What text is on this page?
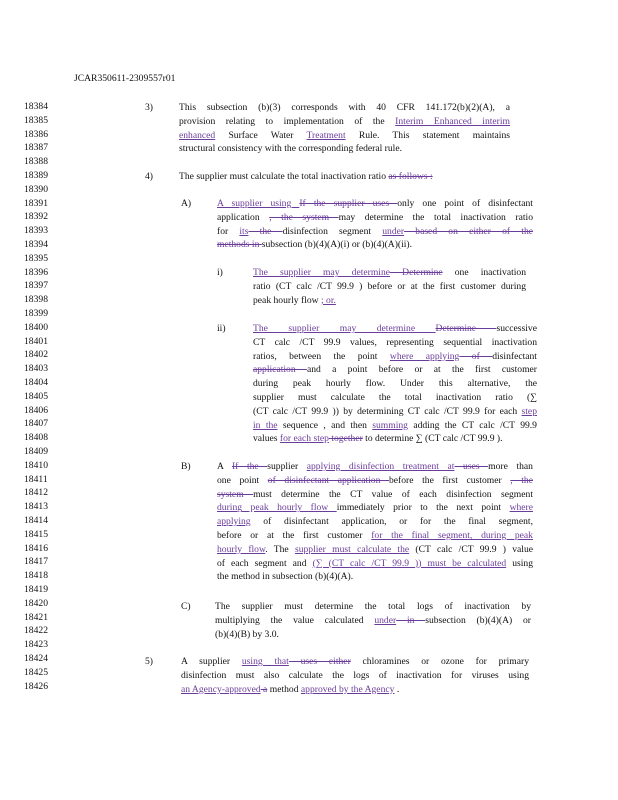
JCAR350611-2309557r01
18384
18385
18386
18387
18388
18389
18390
18391
18392
18393
18394
18395
18396
18397
18398
18399
18400
18401
18402
18403
18404
18405
18406
18407
18408
18409
18410
18411
18412
18413
18414
18415
18416
18417
18418
18419
18420
18421
18422
18423
18424
18425
18426
3)
4)
A)
i)
ii)
B)
C)
5)
This subsection (b)(3) corresponds with 40 CFR 141.172(b)(2)(A), a
provision relating to implementation of the Interim Enhanced interim
enhanced Surface Water Treatment Rule. This statement maintains
structural consistency with the corresponding federal rule.
The supplier must calculate the total inactivation ratio as follows :
A supplier using If the supplier uses only one point of disinfectant
application , the system may determine the total inactivation ratio
for its the disinfection segment under based on either of the
methods in subsection (b)(4)(A)(i) or (b)(4)(A)(ii).
The supplier may determine Determine one inactivation
ratio (CT calc /CT 99.9 ) before or at the first customer during
peak hourly flow ; or.
The supplier may determine Determine successive
CT calc /CT 99.9 values, representing sequential inactivation
ratios, between the point where applying of disinfectant
application and a point before or at the first customer
during peak hourly flow. Under this alternative, the
supplier must calculate the total inactivation ratio (∑
(CT calc /CT 99.9 )) by determining CT calc /CT 99.9 for each step
in the sequence , and then summing adding the CT calc /CT 99.9
values for each step together to determine ∑ (CT calc /CT 99.9 ).
A If the supplier applying disinfection treatment at uses more than
one point of disinfectant application before the first customer , the
system must determine the CT value of each disinfection segment
during peak hourly flow immediately prior to the next point where
applying of disinfectant application, or for the final segment,
before or at the first customer for the final segment, during peak
hourly flow. The supplier must calculate the (CT calc /CT 99.9 ) value
of each segment and (∑ (CT calc /CT 99.9 )) must be calculated using
the method in subsection (b)(4)(A).
The supplier must determine the total logs of inactivation by
multiplying the value calculated under in subsection (b)(4)(A) or
(b)(4)(B) by 3.0.
A supplier using that uses either chloramines or ozone for primary
disinfection must also calculate the logs of inactivation for viruses using
an Agency-approved a method approved by the Agency .
